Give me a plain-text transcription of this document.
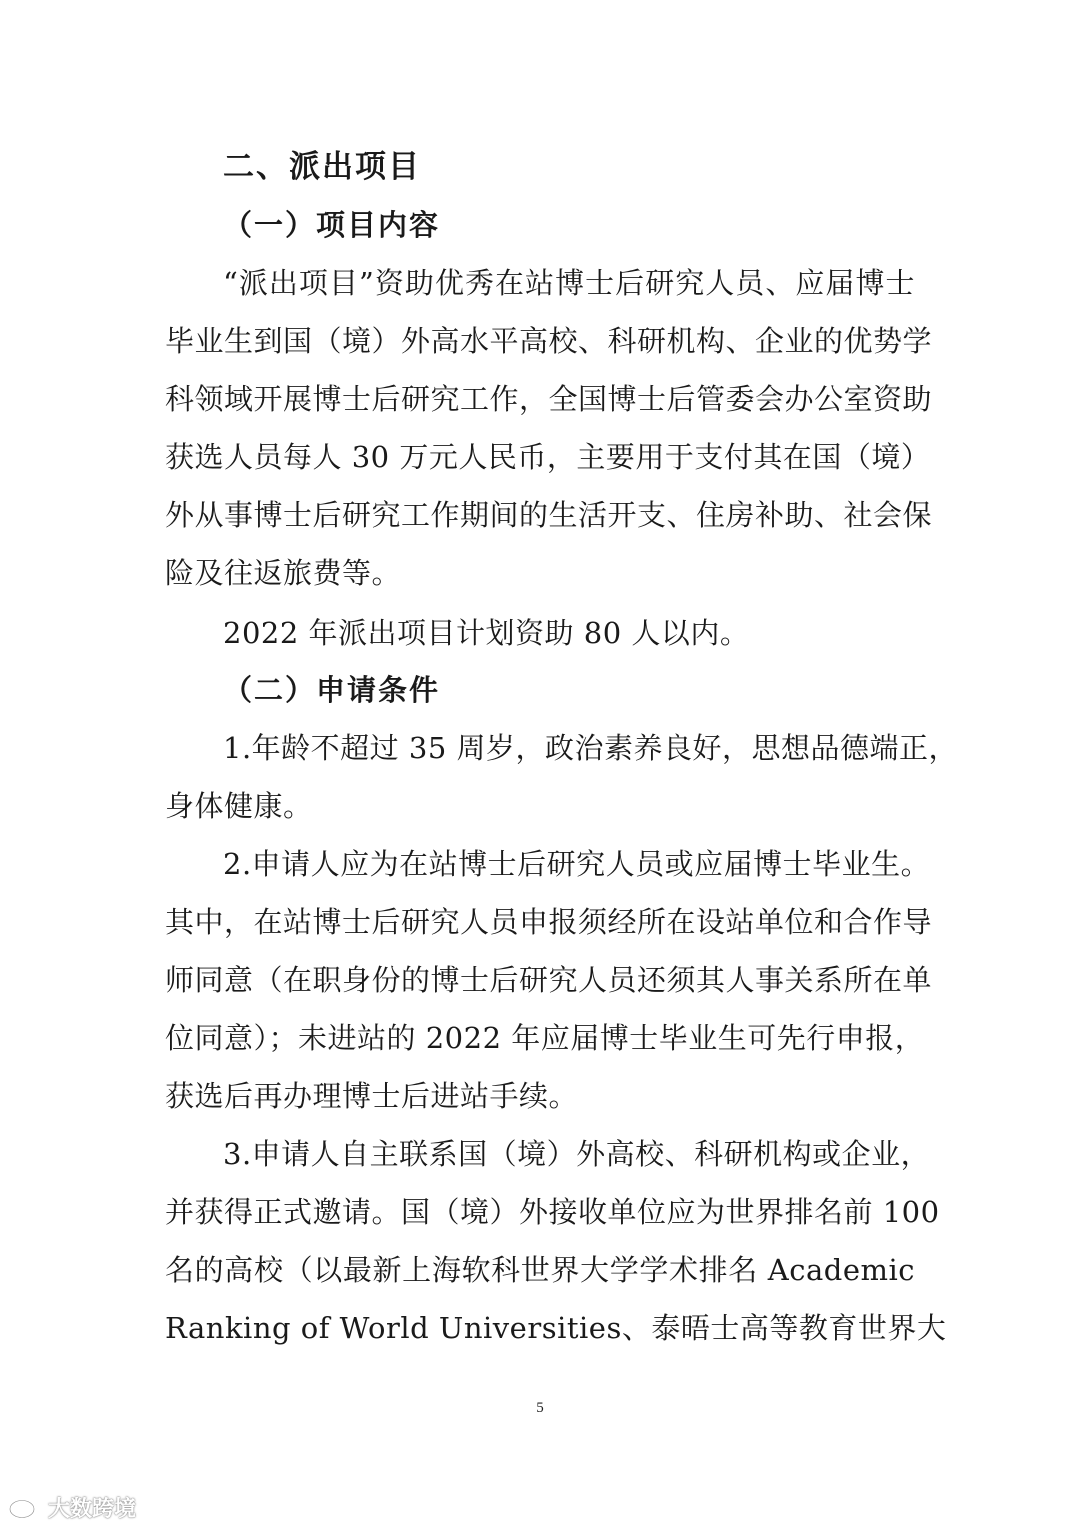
二、派出项目
（一）项目内容
“派出项目”资助优秀在站博士后研究人员、应届博士
毕业生到国（境）外高水平高校、科研机构、企业的优势学
科领域开展博士后研究工作，全国博士后管委会办公室资助
获选人员每人 30 万元人民币，主要用于支付其在国（境）
外从事博士后研究工作期间的生活开支、住房补助、社会保
险及往返旅费等。
2022 年派出项目计划资助 80 人以内。
（二）申请条件
1.年龄不超过 35 周岁，政治素养良好，思想品德端正，
身体健康。
2.申请人应为在站博士后研究人员或应届博士毕业生。
其中，在站博士后研究人员申报须经所在设站单位和合作导
师同意（在职身份的博士后研究人员还须其人事关系所在单
位同意）；未进站的 2022 年应届博士毕业生可先行申报，
获选后再办理博士后进站手续。
3.申请人自主联系国（境）外高校、科研机构或企业，
并获得正式邀请。国（境）外接收单位应为世界排名前 100
名的高校（以最新上海软科世界大学学术排名 Academic
Ranking of World Universities、泰晤士高等教育世界大
5
大数跨境
